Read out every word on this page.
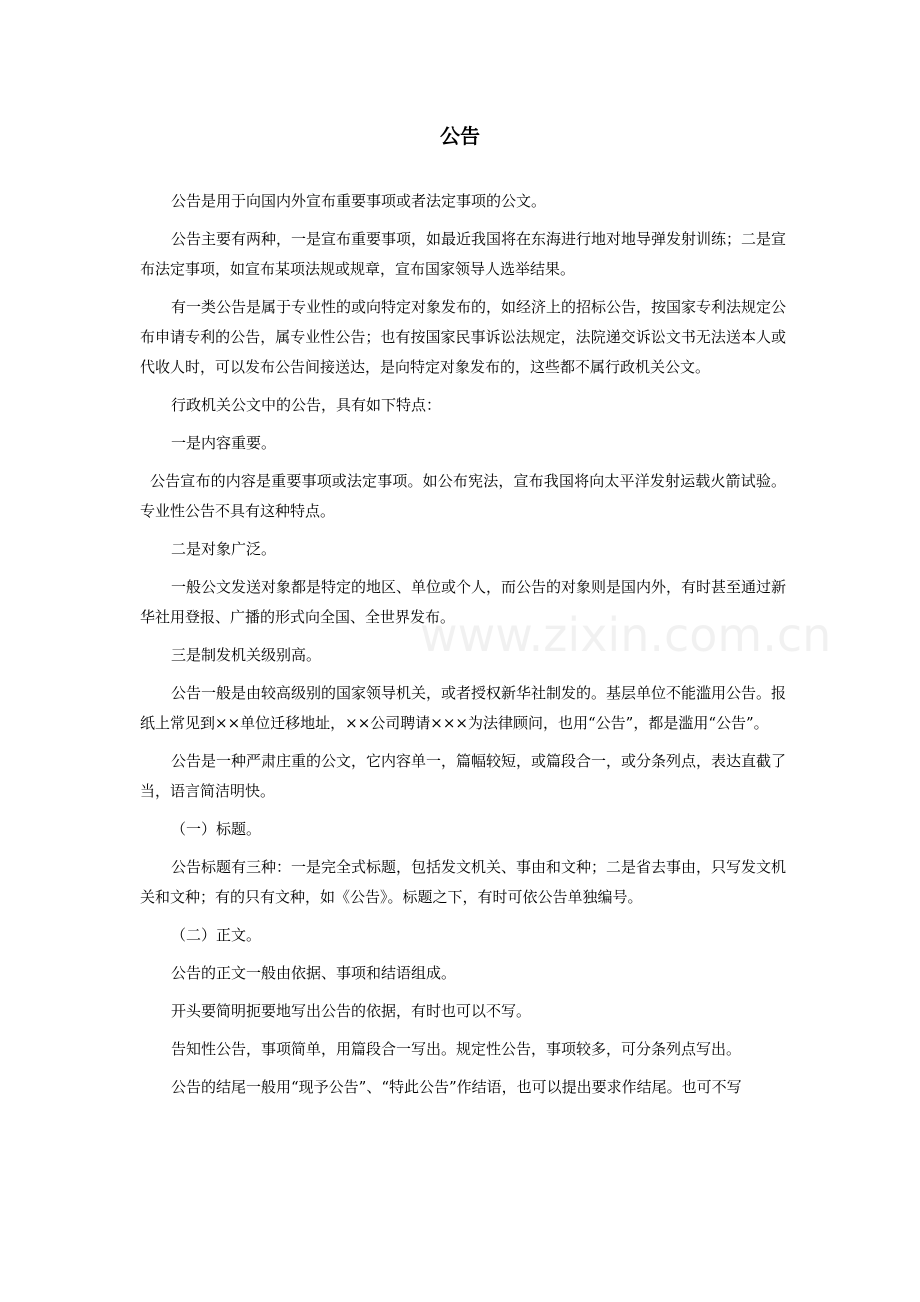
公告
www.zixin.com.cn

公告是用于向国内外宣布重要事项或者法定事项的公文。

公告主要有两种，一是宣布重要事项，如最近我国将在东海进行地对地导弹发射训练；二是宣布法定事项，如宣布某项法规或规章，宣布国家领导人选举结果。

有一类公告是属于专业性的或向特定对象发布的，如经济上的招标公告，按国家专利法规定公布申请专利的公告，属专业性公告；也有按国家民事诉讼法规定，法院递交诉讼文书无法送本人或代收人时，可以发布公告间接送达，是向特定对象发布的，这些都不属行政机关公文。

行政机关公文中的公告，具有如下特点：

一是内容重要。

公告宣布的内容是重要事项或法定事项。如公布宪法，宣布我国将向太平洋发射运载火箭试验。专业性公告不具有这种特点。

二是对象广泛。

一般公文发送对象都是特定的地区、单位或个人，而公告的对象则是国内外，有时甚至通过新华社用登报、广播的形式向全国、全世界发布。

三是制发机关级别高。

公告一般是由较高级别的国家领导机关，或者授权新华社制发的。基层单位不能滥用公告。报纸上常见到××单位迁移地址，××公司聘请×××为法律顾问，也用“公告”，都是滥用“公告”。

公告是一种严肃庄重的公文，它内容单一，篇幅较短，或篇段合一，或分条列点，表达直截了当，语言简洁明快。

（一）标题。

公告标题有三种：一是完全式标题，包括发文机关、事由和文种；二是省去事由，只写发文机关和文种；有的只有文种，如《公告》。标题之下，有时可依公告单独编号。

（二）正文。

公告的正文一般由依据、事项和结语组成。

开头要简明扼要地写出公告的依据，有时也可以不写。

告知性公告，事项简单，用篇段合一写出。规定性公告，事项较多，可分条列点写出。

公告的结尾一般用“现予公告”、“特此公告”作结语，也可以提出要求作结尾。也可不写
